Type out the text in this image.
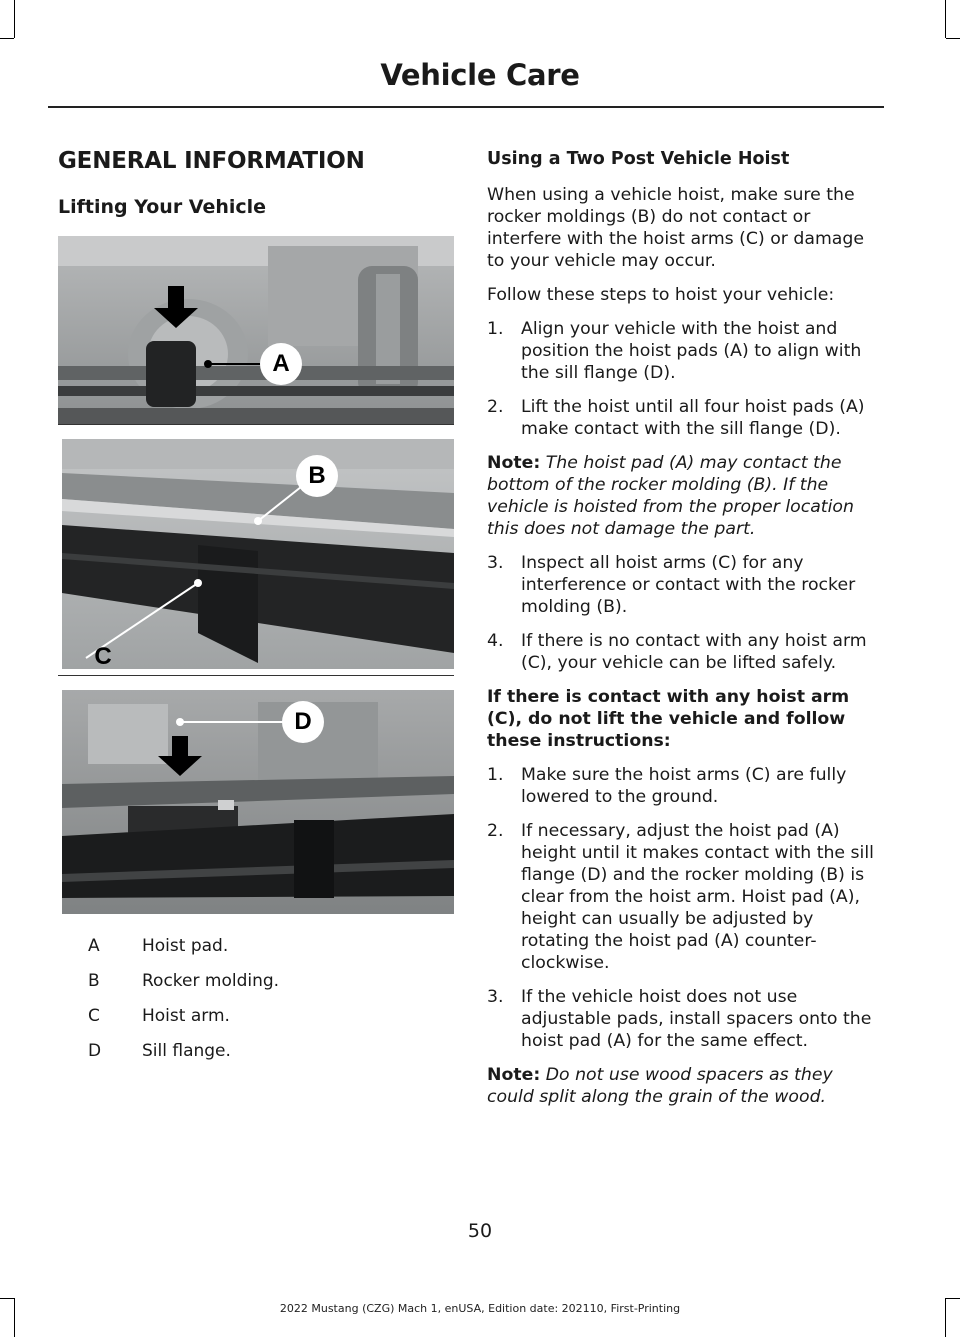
Vehicle Care
GENERAL INFORMATION
Lifting Your Vehicle
A
B
C
D
A	Hoist pad.
B	Rocker molding.
C	Hoist arm.
D	Sill flange.
Using a Two Post Vehicle Hoist

When using a vehicle hoist, make sure the rocker moldings (B) do not contact or interfere with the hoist arms (C) or damage to your vehicle may occur.

Follow these steps to hoist your vehicle:

1.	Align your vehicle with the hoist and position the hoist pads (A) to align with the sill flange (D).
2.	Lift the hoist until all four hoist pads (A) make contact with the sill flange (D).

Note: The hoist pad (A) may contact the bottom of the rocker molding (B). If the vehicle is hoisted from the proper location this does not damage the part.

3.	Inspect all hoist arms (C) for any interference or contact with the rocker molding (B).
4.	If there is no contact with any hoist arm (C), your vehicle can be lifted safely.
If there is contact with any hoist arm (C), do not lift the vehicle and follow these instructions:
1.	Make sure the hoist arms (C) are fully lowered to the ground.
2.	If necessary, adjust the hoist pad (A) height until it makes contact with the sill flange (D) and the rocker molding (B) is clear from the hoist arm. Hoist pad (A), height can usually be adjusted by rotating the hoist pad (A) counter-clockwise.
3.	If the vehicle hoist does not use adjustable pads, install spacers onto the hoist pad (A) for the same effect.

Note: Do not use wood spacers as they could split along the grain of the wood.

50
2022 Mustang (CZG) Mach 1, enUSA, Edition date: 202110, First-Printing
